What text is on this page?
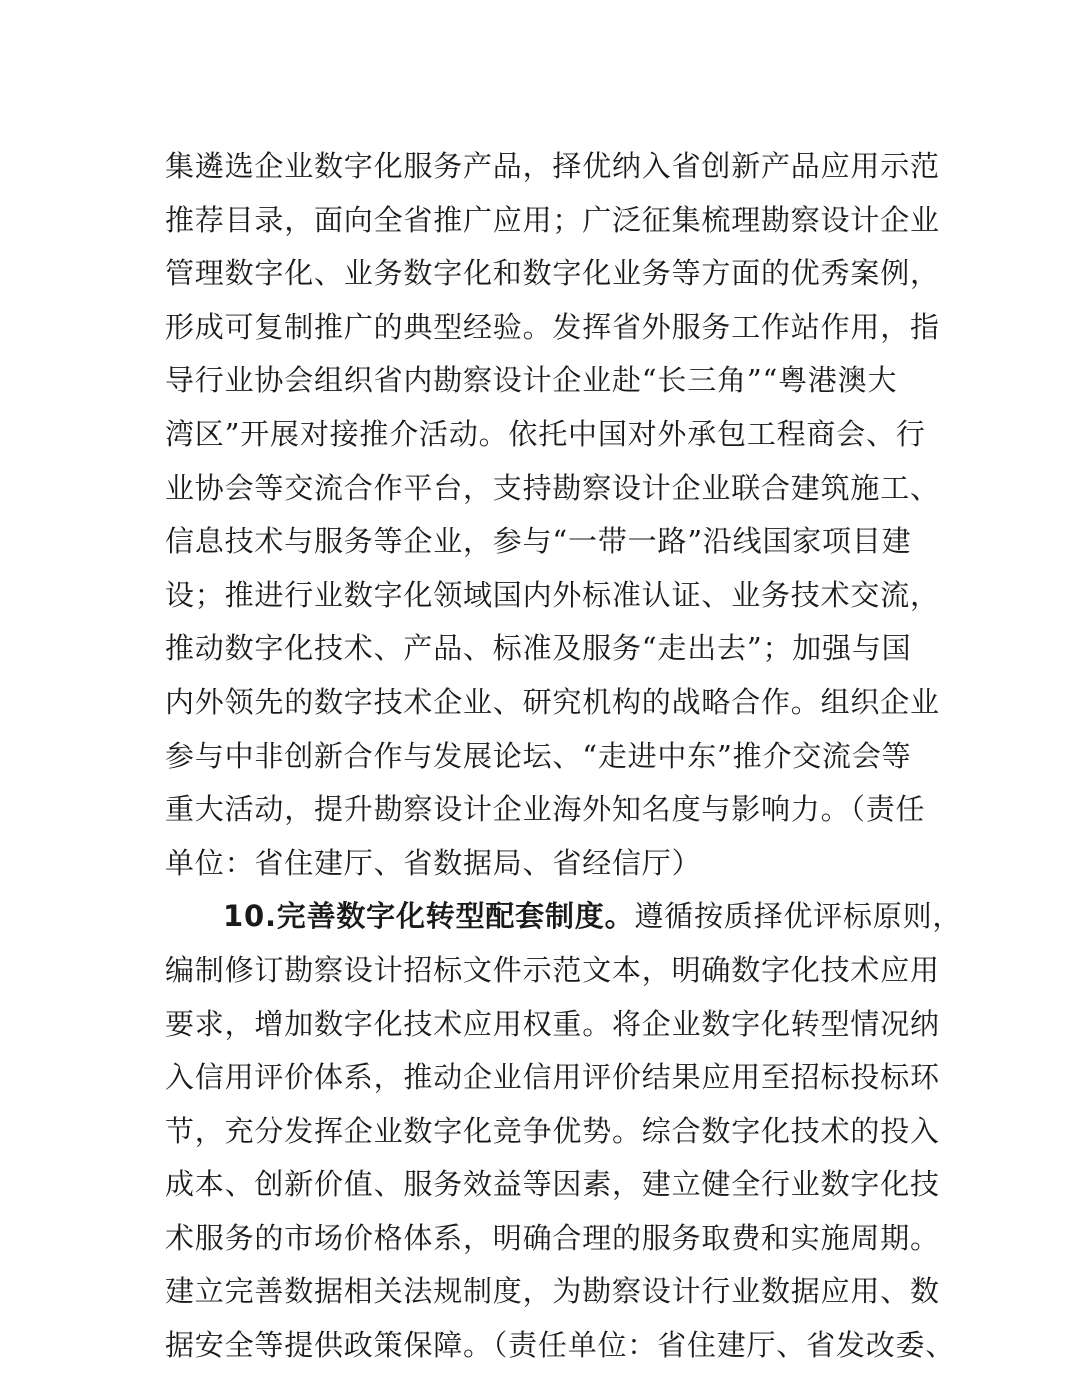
集遴选企业数字化服务产品，择优纳入省创新产品应用示范
推荐目录，面向全省推广应用；广泛征集梳理勘察设计企业
管理数字化、业务数字化和数字化业务等方面的优秀案例，
形成可复制推广的典型经验。发挥省外服务工作站作用，指
导行业协会组织省内勘察设计企业赴“长三角”“粤港澳大
湾区”开展对接推介活动。依托中国对外承包工程商会、行
业协会等交流合作平台，支持勘察设计企业联合建筑施工、
信息技术与服务等企业，参与“一带一路”沿线国家项目建
设；推进行业数字化领域国内外标准认证、业务技术交流，
推动数字化技术、产品、标准及服务“走出去”；加强与国
内外领先的数字技术企业、研究机构的战略合作。组织企业
参与中非创新合作与发展论坛、“走进中东”推介交流会等
重大活动，提升勘察设计企业海外知名度与影响力。（责任
单位：省住建厅、省数据局、省经信厅）
10.完善数字化转型配套制度。遵循按质择优评标原则，
编制修订勘察设计招标文件示范文本，明确数字化技术应用
要求，增加数字化技术应用权重。将企业数字化转型情况纳
入信用评价体系，推动企业信用评价结果应用至招标投标环
节，充分发挥企业数字化竞争优势。综合数字化技术的投入
成本、创新价值、服务效益等因素，建立健全行业数字化技
术服务的市场价格体系，明确合理的服务取费和实施周期。
建立完善数据相关法规制度，为勘察设计行业数据应用、数
据安全等提供政策保障。（责任单位：省住建厅、省发改委、
